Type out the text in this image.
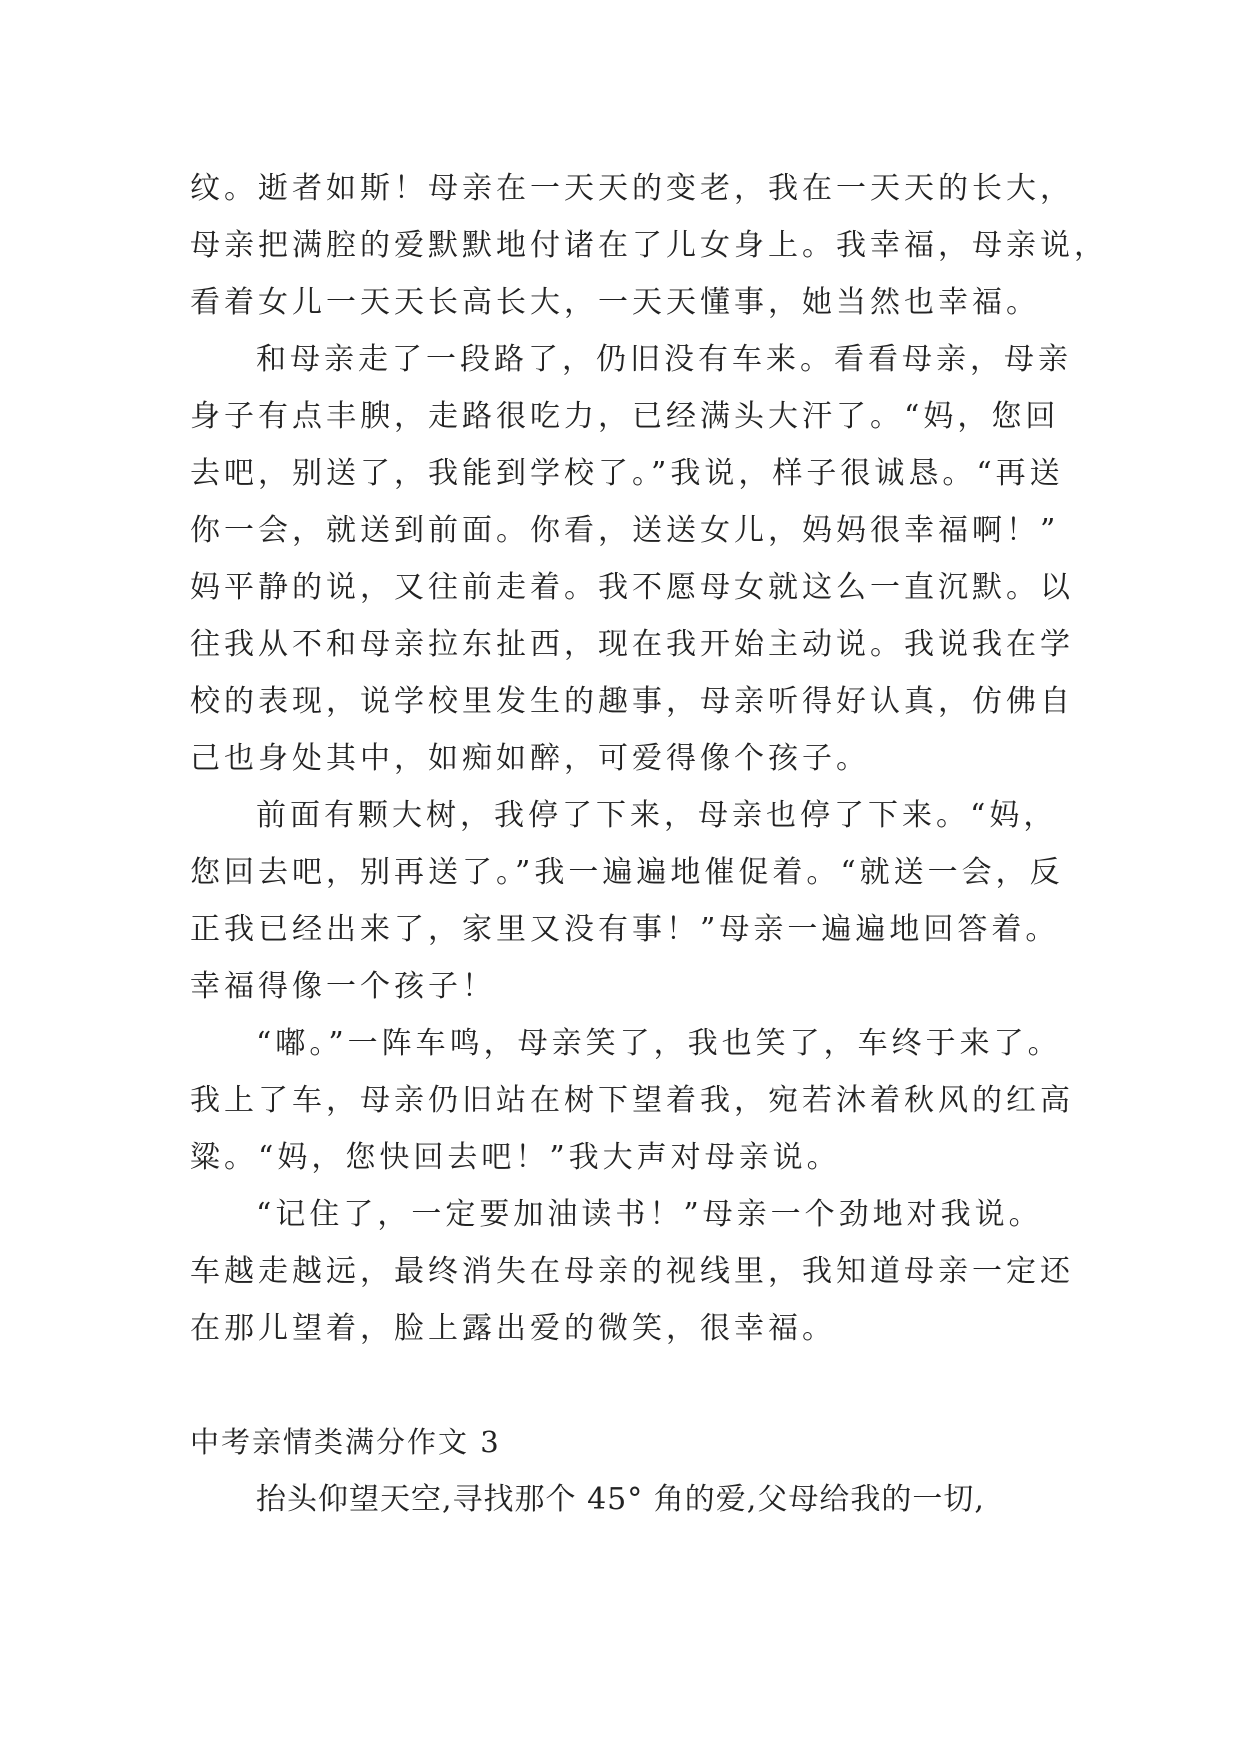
纹。逝者如斯！母亲在一天天的变老，我在一天天的长大，
母亲把满腔的爱默默地付诸在了儿女身上。我幸福，母亲说，
看着女儿一天天长高长大，一天天懂事，她当然也幸福。
和母亲走了一段路了，仍旧没有车来。看看母亲，母亲
身子有点丰腴，走路很吃力，已经满头大汗了。“妈，您回
去吧，别送了，我能到学校了。”我说，样子很诚恳。“再送
你一会，就送到前面。你看，送送女儿，妈妈很幸福啊！”
妈平静的说，又往前走着。我不愿母女就这么一直沉默。以
往我从不和母亲拉东扯西，现在我开始主动说。我说我在学
校的表现，说学校里发生的趣事，母亲听得好认真，仿佛自
己也身处其中，如痴如醉，可爱得像个孩子。
前面有颗大树，我停了下来，母亲也停了下来。“妈，
您回去吧，别再送了。”我一遍遍地催促着。“就送一会，反
正我已经出来了，家里又没有事！”母亲一遍遍地回答着。
幸福得像一个孩子！
“嘟。”一阵车鸣，母亲笑了，我也笑了，车终于来了。
我上了车，母亲仍旧站在树下望着我，宛若沐着秋风的红高
粱。“妈，您快回去吧！”我大声对母亲说。
“记住了，一定要加油读书！”母亲一个劲地对我说。
车越走越远，最终消失在母亲的视线里，我知道母亲一定还
在那儿望着，脸上露出爱的微笑，很幸福。
中考亲情类满分作文 3
抬头仰望天空,寻找那个 45° 角的爱,父母给我的一切,
